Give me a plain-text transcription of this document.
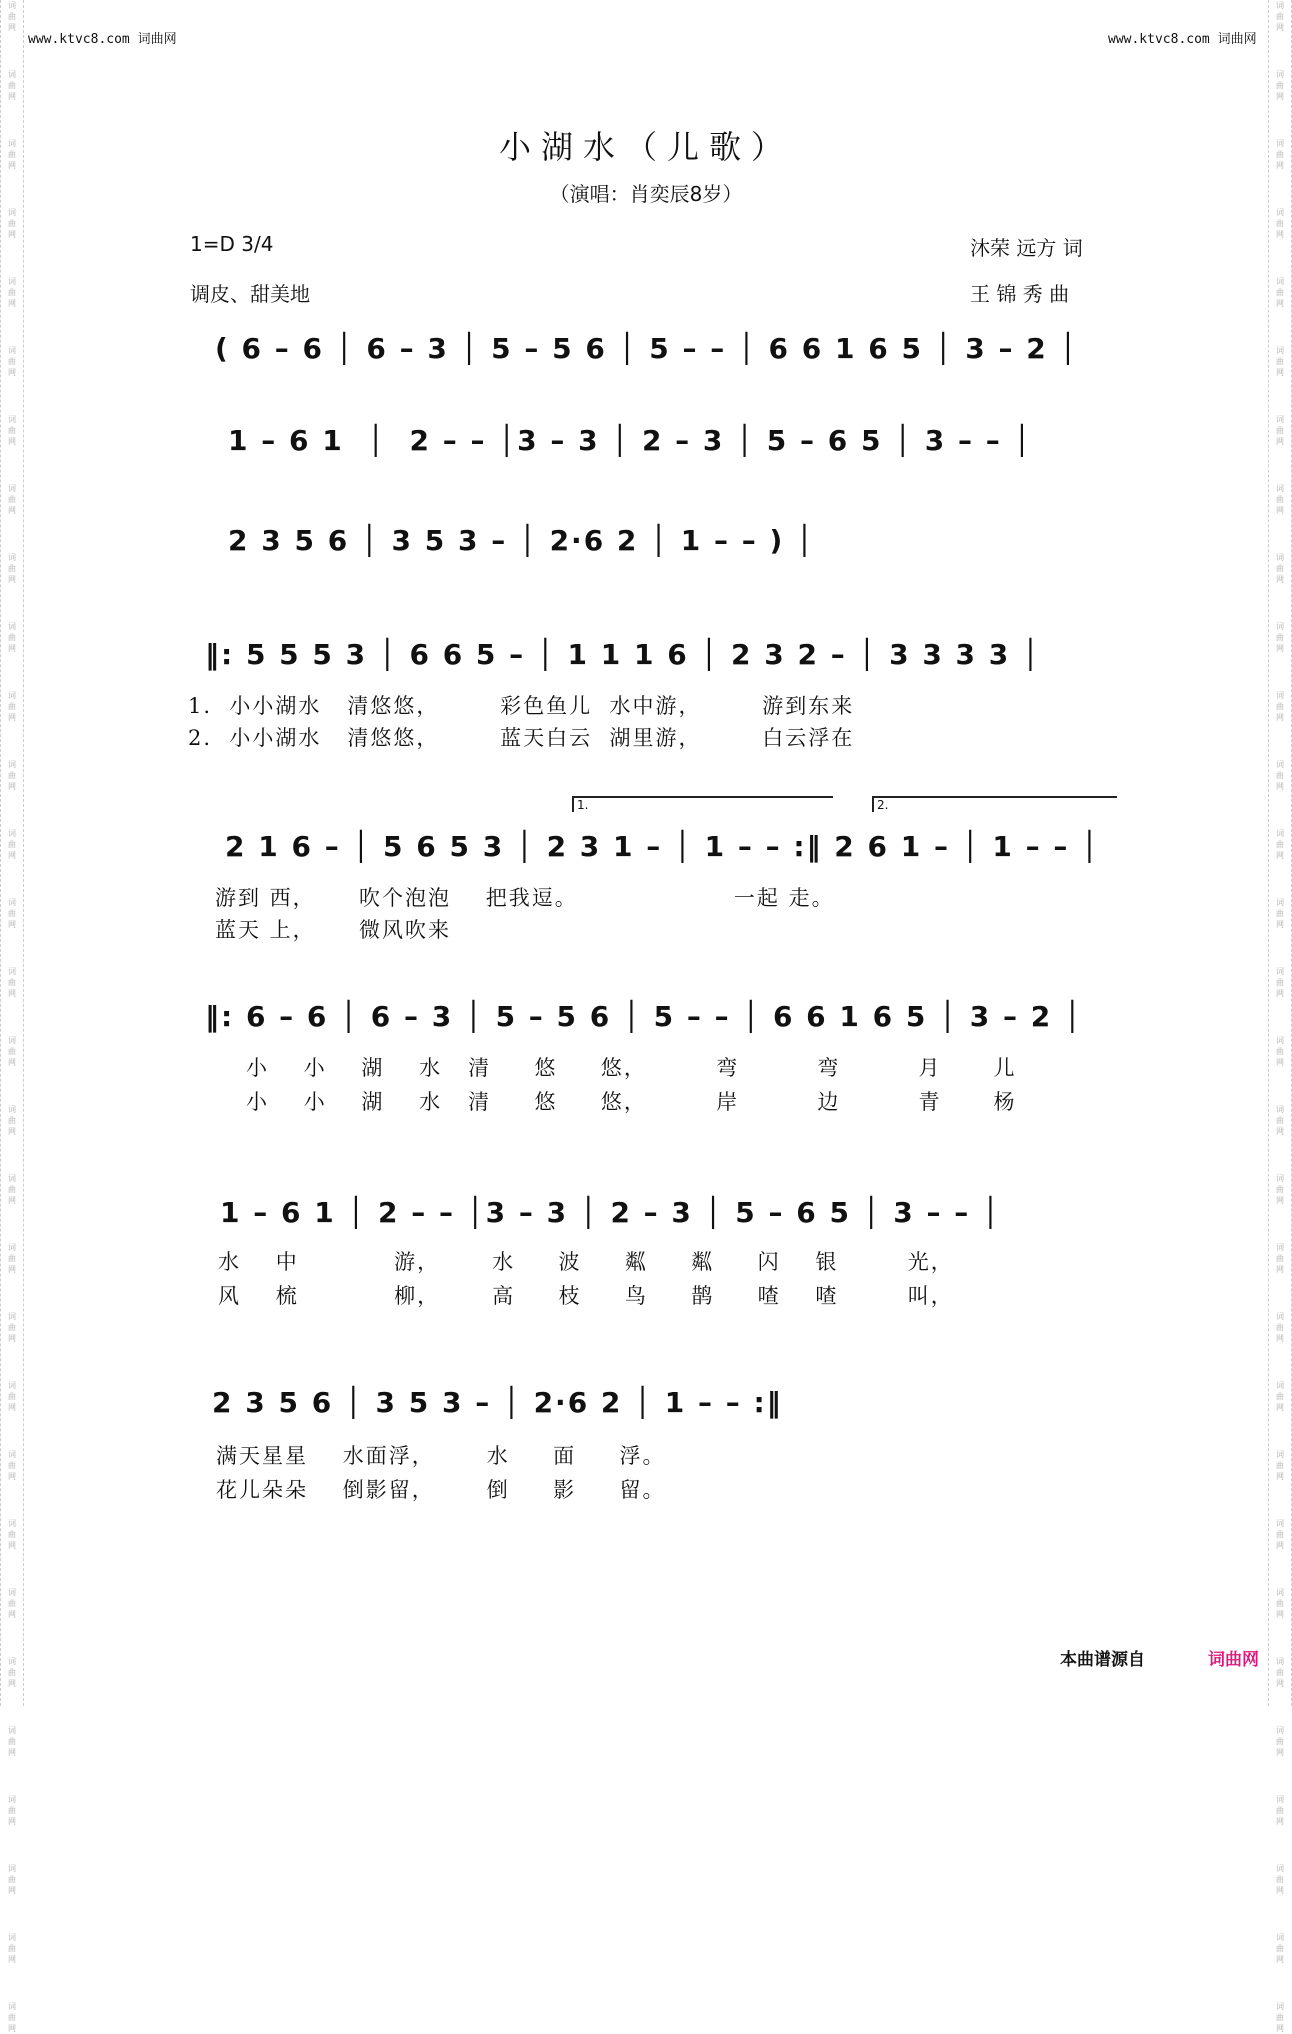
词
曲
网
词
曲
网
词
曲
网
词
曲
网
词
曲
网
词
曲
网
词
曲
网
词
曲
网
词
曲
网
词
曲
网
词
曲
网
词
曲
网
词
曲
网
词
曲
网
词
曲
网
词
曲
网
词
曲
网
词
曲
网
词
曲
网
词
曲
网
词
曲
网
词
曲
网
词
曲
网
词
曲
网
词
曲
网
词
曲
网
词
曲
网
词
曲
网
词
曲
网
词
曲
网
词
曲
网
词
曲
网
词
曲
网
词
曲
网
词
曲
网
词
曲
网
词
曲
网
词
曲
网
词
曲
网
词
曲
网
词
曲
网
词
曲
网
词
曲
网
词
曲
网
词
曲
网
词
曲
网
词
曲
网
词
曲
网
词
曲
网
词
曲
网
词
曲
网
词
曲
网
词
曲
网
词
曲
网
词
曲
网
词
曲
网
词
曲
网
词
曲
网
词
曲
网
词
曲
网
www.ktvc8.com 词曲网	www.ktvc8.com 词曲网
小湖水（儿歌）
（演唱：肖奕辰8岁）
1=D 3/4
调皮、甜美地
沐荣 远方 词
王 锦 秀 曲
( 6 – 6 │ 6 – 3 │ 5 – 5 6 │ 5 – – │ 6 6 1 6 5 │ 3 – 2 │
1 – 6 1  │  2 – – │3 – 3 │ 2 – 3 │ 5 – 6 5 │ 3 – – │
2 3 5 6 │ 3 5 3 – │ 2·6 2 │ 1 – – ) │
‖: 5 5 5 3 │ 6 6 5 – │ 1 1 1 6 │ 2 3 2 – │ 3 3 3 3 │
1.  小小湖水   清悠悠，       彩色鱼儿  水中游，       游到东来
2.  小小湖水   清悠悠，       蓝天白云  湖里游，       白云浮在
1.	2.
2 1 6 – │ 5 6 5 3 │ 2 3 1 – │ 1 – – :‖ 2 6 1 – │ 1 – – │
游到 西，     吹个泡泡    把我逗。                  一起 走。
蓝天 上，     微风吹来
‖: 6 – 6 │ 6 – 3 │ 5 – 5 6 │ 5 – – │ 6 6 1 6 5 │ 3 – 2 │
小    小    湖    水   清     悠     悠，        弯         弯         月      儿
小    小    湖    水   清     悠     悠，        岸         边         青      杨
1 – 6 1 │ 2 – – │3 – 3 │ 2 – 3 │ 5 – 6 5 │ 3 – – │
水    中           游，      水     波     粼     粼     闪    银        光，
风    梳           柳，      高     枝     鸟     鹊     喳    喳        叫，
2 3 5 6 │ 3 5 3 – │ 2·6 2 │ 1 – – :‖
满天星星    水面浮，      水     面     浮。
花儿朵朵    倒影留，      倒     影     留。
本曲谱源自	词曲网
